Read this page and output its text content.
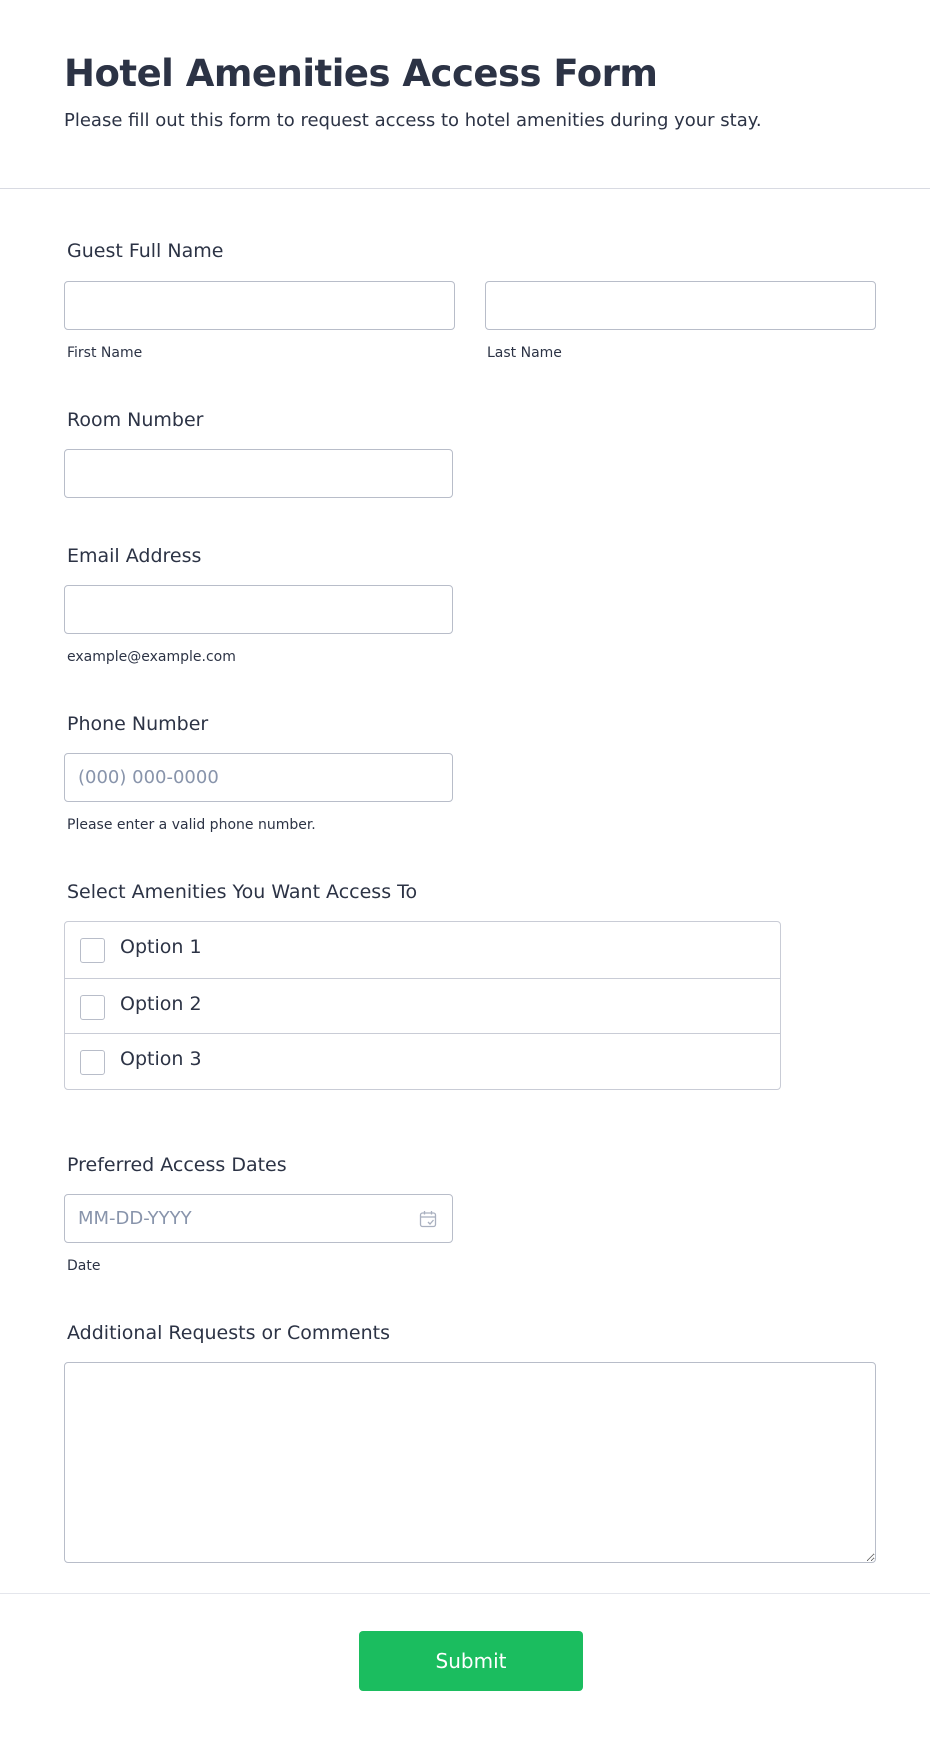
Hotel Amenities Access Form

Please fill out this form to request access to hotel amenities during your stay.

Guest Full Name
First Name	Last Name
Room Number
Email Address
example@example.com
Phone Number
(000) 000-0000
Please enter a valid phone number.
Select Amenities You Want Access To
Option 1
Option 2
Option 3
Preferred Access Dates
MM-DD-YYYY
Date
Additional Requests or Comments
Submit
